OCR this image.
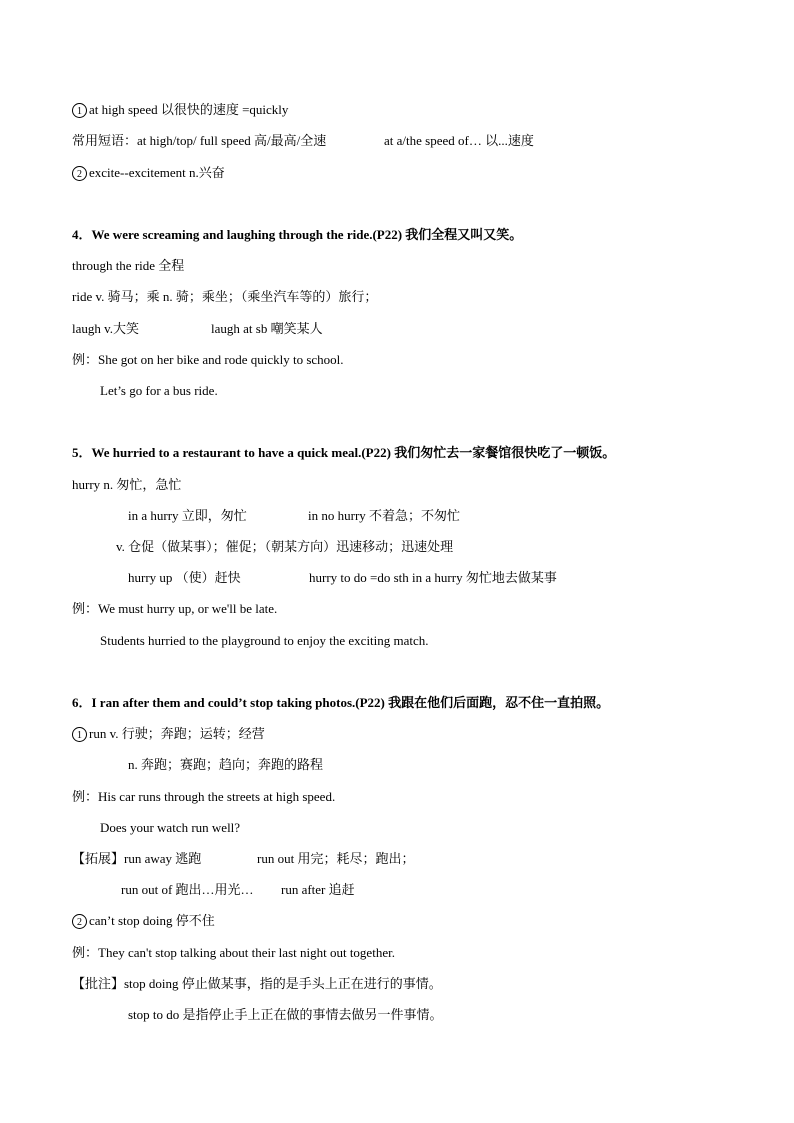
1 at high speed 以很快的速度 =quickly
常用短语：at high/top/ full speed 高/最高/全速	at a/the speed of… 以...速度
2 excite--excitement n.兴奋
4．We were screaming and laughing through the ride.(P22) 我们全程又叫又笑。
through the ride 全程
ride v. 骑马；乘 n. 骑；乘坐；（乘坐汽车等的）旅行；
laugh v.大笑	laugh at sb 嘲笑某人
例：She got on her bike and rode quickly to school.
Let’s go for a bus ride.
5．We hurried to a restaurant to have a quick meal.(P22) 我们匆忙去一家餐馆很快吃了一顿饭。
hurry n. 匆忙，急忙
in a hurry 立即，匆忙	in no hurry 不着急；不匆忙
v. 仓促（做某事）；催促；（朝某方向）迅速移动；迅速处理
hurry up （使）赶快	hurry to do =do sth in a hurry 匆忙地去做某事
例：We must hurry up, or we'll be late.
Students hurried to the playground to enjoy the exciting match.
6．I ran after them and could’t stop taking photos.(P22) 我跟在他们后面跑，忍不住一直拍照。
1 run v. 行驶；奔跑；运转；经营
n. 奔跑；赛跑；趋向；奔跑的路程
例：His car runs through the streets at high speed.
Does your watch run well?
【拓展】run away 逃跑	run out 用完；耗尽；跑出；
run out of 跑出…用光… run after 追赶
2 can’t stop doing 停不住
例：They can't stop talking about their last night out together.
【批注】stop doing 停止做某事，指的是手头上正在进行的事情。
stop to do 是指停止手上正在做的事情去做另一件事情。
